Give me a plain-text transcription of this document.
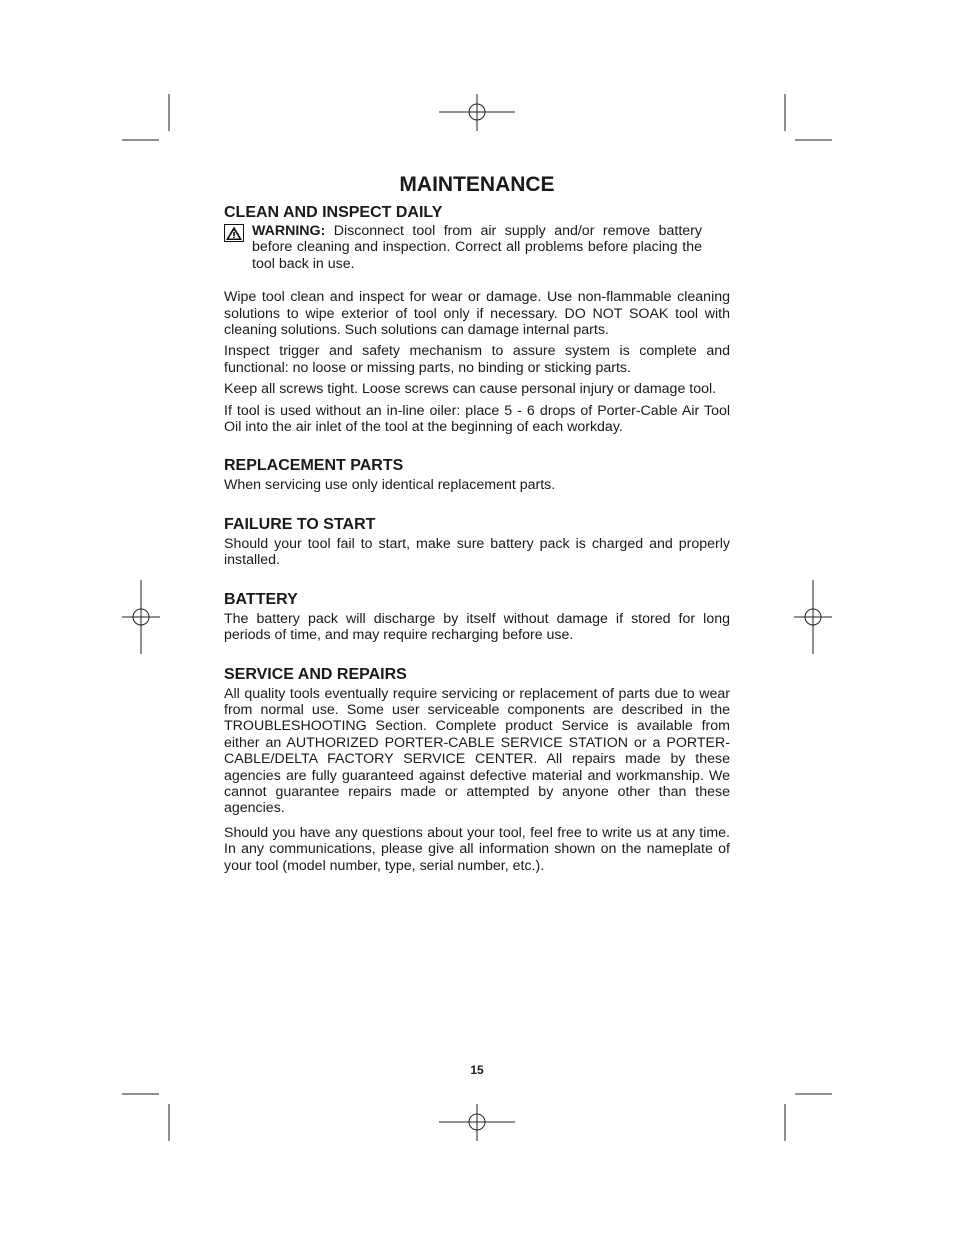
MAINTENANCE
CLEAN AND INSPECT DAILY

WARNING: Disconnect tool from air supply and/or remove battery before cleaning and inspection. Correct all problems before placing the tool back in use.

Wipe tool clean and inspect for wear or damage. Use non-flammable cleaning solutions to wipe exterior of tool only if necessary. DO NOT SOAK tool with cleaning solutions. Such solutions can damage internal parts.

Inspect trigger and safety mechanism to assure system is complete and functional: no loose or missing parts, no binding or sticking parts.

Keep all screws tight. Loose screws can cause personal injury or damage tool.

If tool is used without an in-line oiler: place 5 - 6 drops of Porter-Cable Air Tool Oil into the air inlet of the tool at the beginning of each workday.

REPLACEMENT PARTS

When servicing use only identical replacement parts.

FAILURE TO START

Should your tool fail to start, make sure battery pack is charged and properly installed.

BATTERY

The battery pack will discharge by itself without damage if stored for long periods of time, and may require recharging before use.

SERVICE AND REPAIRS

All quality tools eventually require servicing or replacement of parts due to wear from normal use. Some user serviceable components are described in the TROUBLESHOOTING Section. Complete product Service is available from either an AUTHORIZED PORTER-CABLE SERVICE STATION or a PORTER-CABLE/DELTA FACTORY SERVICE CENTER. All repairs made by these agencies are fully guaranteed against defective material and workmanship. We cannot guarantee repairs made or attempted by anyone other than these agencies.

Should you have any questions about your tool, feel free to write us at any time. In any communications, please give all information shown on the nameplate of your tool (model number, type, serial number, etc.).

15
